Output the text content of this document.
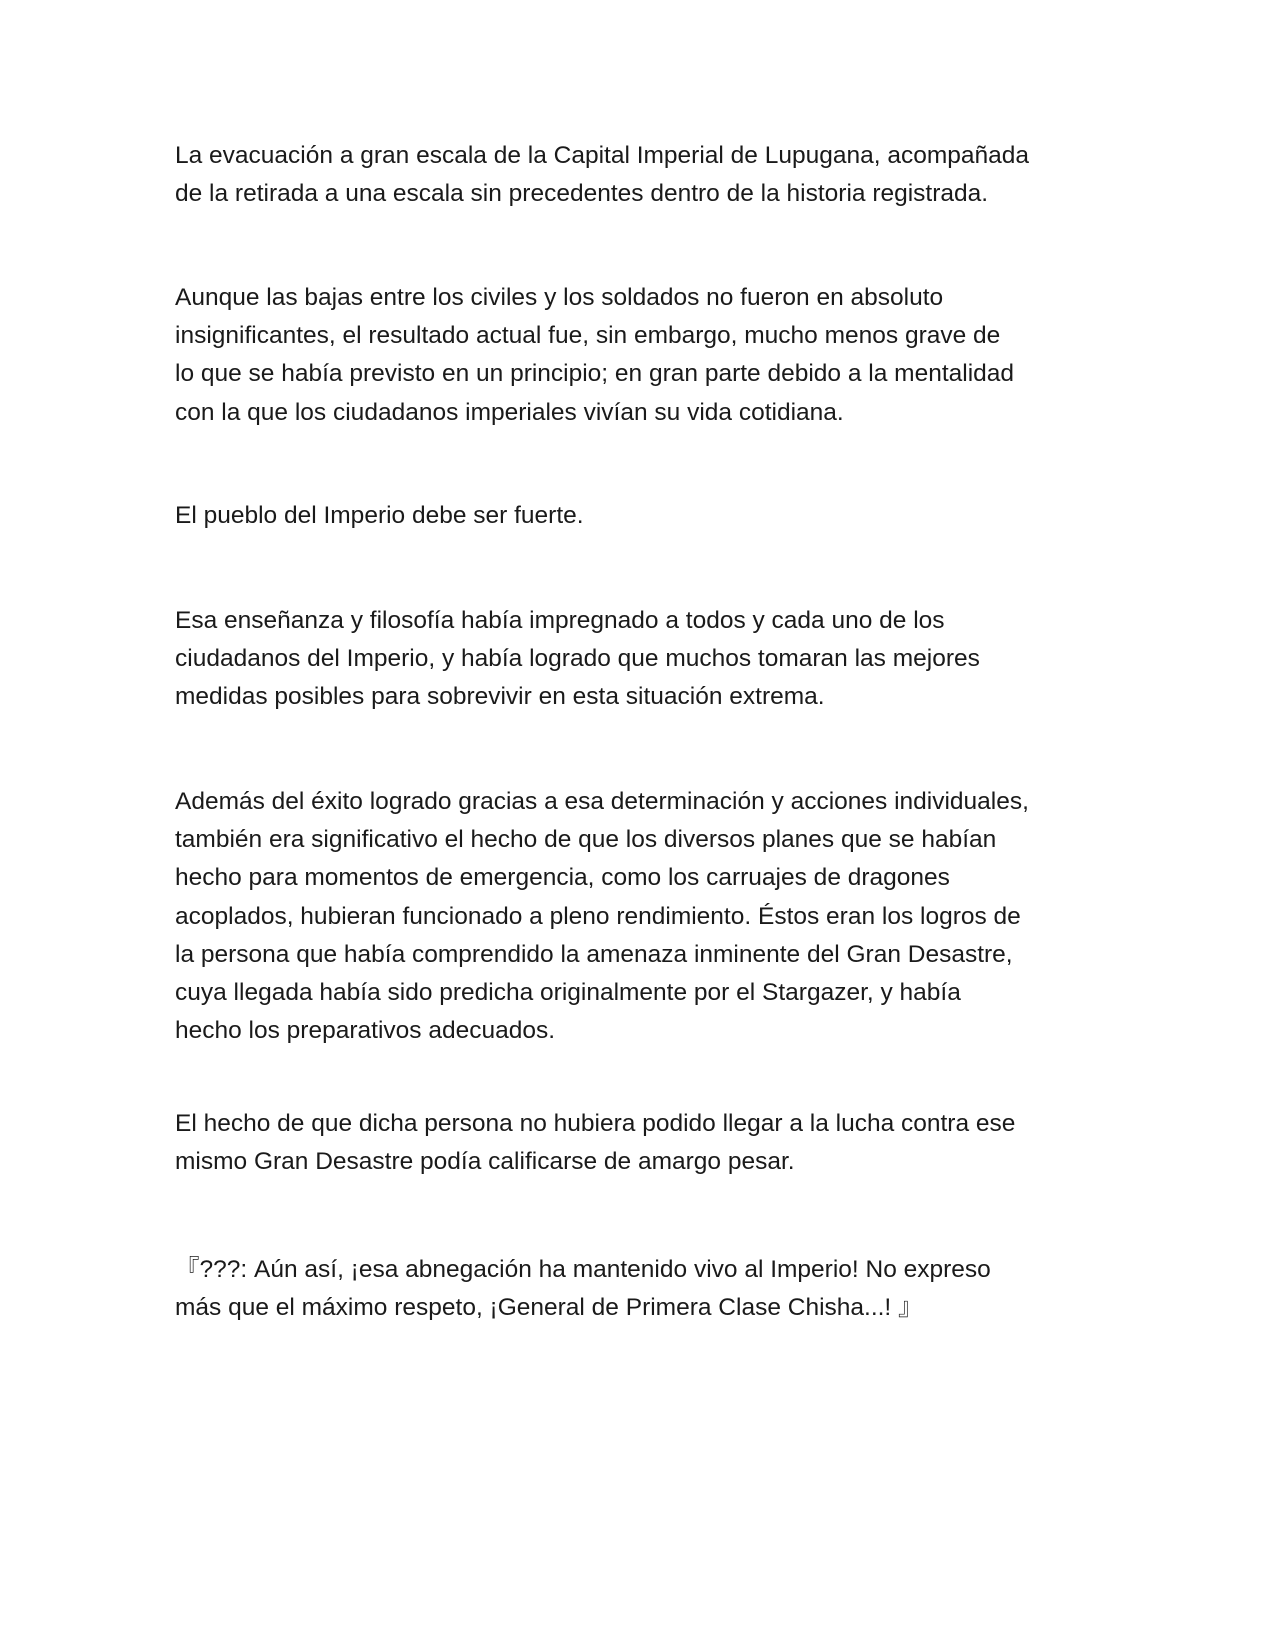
La evacuación a gran escala de la Capital Imperial de Lupugana, acompañada
de la retirada a una escala sin precedentes dentro de la historia registrada.

Aunque las bajas entre los civiles y los soldados no fueron en absoluto
insignificantes, el resultado actual fue, sin embargo, mucho menos grave de
lo que se había previsto en un principio; en gran parte debido a la mentalidad
con la que los ciudadanos imperiales vivían su vida cotidiana.

El pueblo del Imperio debe ser fuerte.

Esa enseñanza y filosofía había impregnado a todos y cada uno de los
ciudadanos del Imperio, y había logrado que muchos tomaran las mejores
medidas posibles para sobrevivir en esta situación extrema.

Además del éxito logrado gracias a esa determinación y acciones individuales,
también era significativo el hecho de que los diversos planes que se habían
hecho para momentos de emergencia, como los carruajes de dragones
acoplados, hubieran funcionado a pleno rendimiento. Éstos eran los logros de
la persona que había comprendido la amenaza inminente del Gran Desastre,
cuya llegada había sido predicha originalmente por el Stargazer, y había
hecho los preparativos adecuados.

El hecho de que dicha persona no hubiera podido llegar a la lucha contra ese
mismo Gran Desastre podía calificarse de amargo pesar.

『???: Aún así, ¡esa abnegación ha mantenido vivo al Imperio! No expreso
más que el máximo respeto, ¡General de Primera Clase Chisha...! 』
